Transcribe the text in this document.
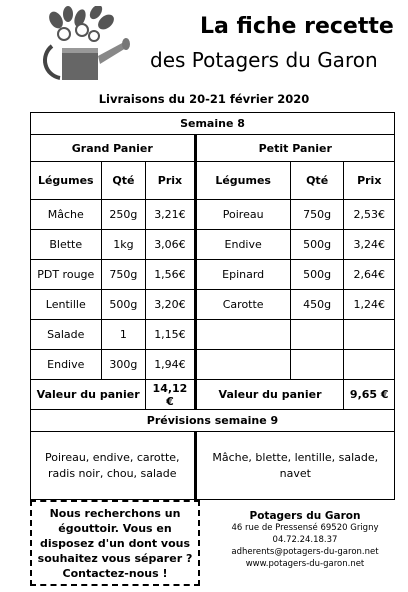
La fiche recette
des Potagers du Garon
Livraisons du 20-21 février 2020
Semaine 8					
Grand Panier			Petit Panier		
Légumes	Qté	Prix	Légumes	Qté	Prix
Mâche	250g	3,21€	Poireau	750g	2,53€
Blette	1kg	3,06€	Endive	500g	3,24€
PDT rouge	750g	1,56€	Epinard	500g	2,64€
Lentille	500g	3,20€	Carotte	450g	1,24€
Salade	1	1,15€			
Endive	300g	1,94€			
Valeur du panier		14,12 €	Valeur du panier		9,65 €
Prévisions semaine 9					
Poireau, endive, carotte, radis noir, chou, salade			Mâche, blette, lentille, salade, navet		
Nous recherchons un égouttoir. Vous en disposez d'un dont vous souhaitez vous séparer ? Contactez-nous !
Potagers du Garon
46 rue de Pressensé 69520 Grigny
04.72.24.18.37
adherents@potagers-du-garon.net
www.potagers-du-garon.net
